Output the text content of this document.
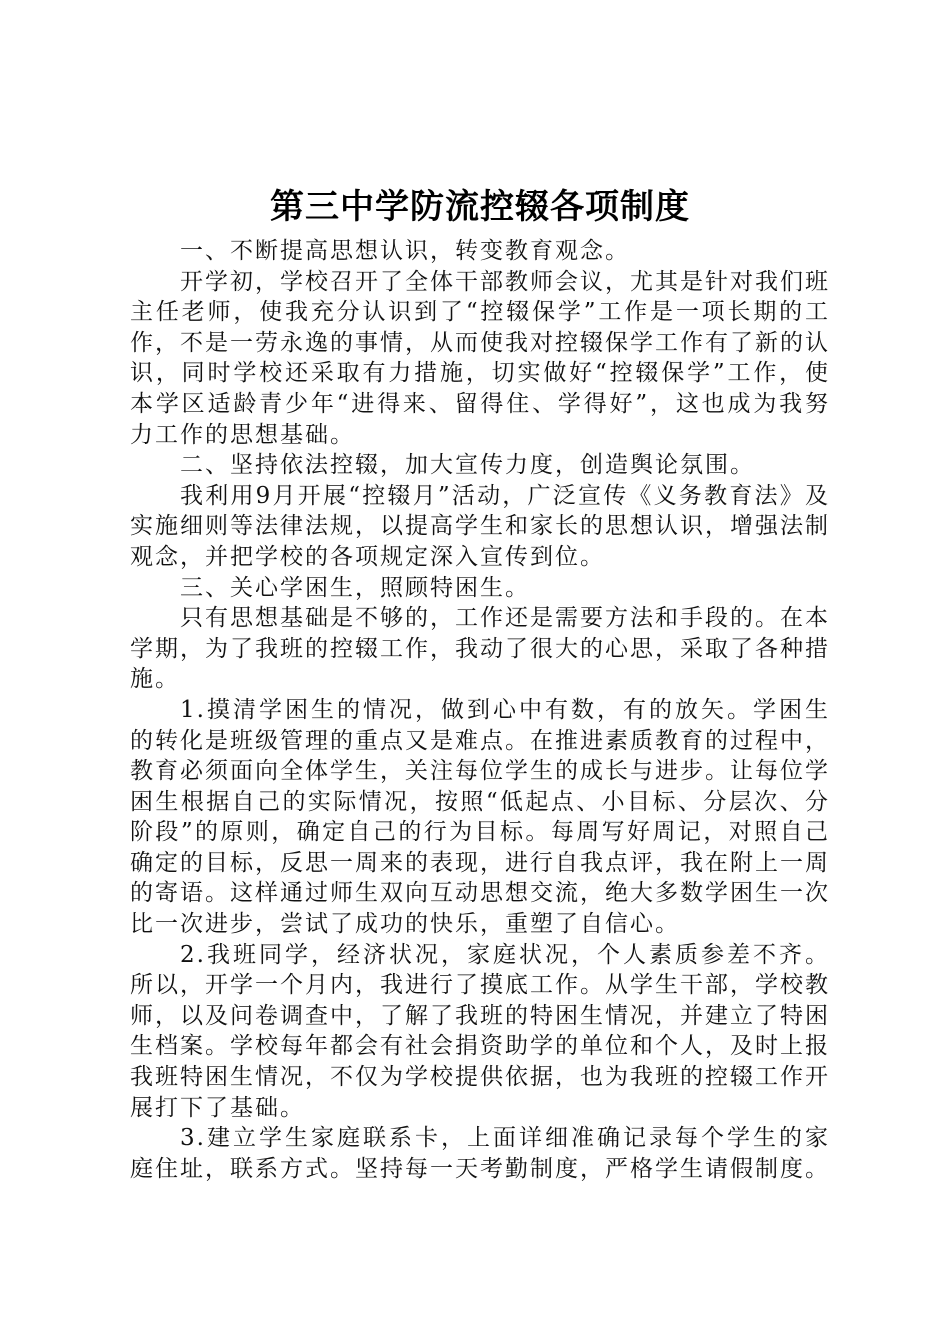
第三中学防流控辍各项制度

一、不断提高思想认识，转变教育观念。

开学初，学校召开了全体干部教师会议，尤其是针对我们班主任老师，使我充分认识到了“控辍保学”工作是一项长期的工作，不是一劳永逸的事情，从而使我对控辍保学工作有了新的认识，同时学校还采取有力措施，切实做好“控辍保学”工作，使本学区适龄青少年“进得来、留得住、学得好”，这也成为我努力工作的思想基础。

二、坚持依法控辍，加大宣传力度，创造舆论氛围。

我利用9月开展“控辍月”活动，广泛宣传《义务教育法》及实施细则等法律法规，以提高学生和家长的思想认识，增强法制观念，并把学校的各项规定深入宣传到位。

三、关心学困生，照顾特困生。

只有思想基础是不够的，工作还是需要方法和手段的。在本学期，为了我班的控辍工作，我动了很大的心思，采取了各种措施。

1.摸清学困生的情况，做到心中有数，有的放矢。学困生的转化是班级管理的重点又是难点。在推进素质教育的过程中，教育必须面向全体学生，关注每位学生的成长与进步。让每位学困生根据自己的实际情况，按照“低起点、小目标、分层次、分阶段”的原则，确定自己的行为目标。每周写好周记，对照自己确定的目标，反思一周来的表现，进行自我点评，我在附上一周的寄语。这样通过师生双向互动思想交流，绝大多数学困生一次比一次进步，尝试了成功的快乐，重塑了自信心。

2.我班同学，经济状况，家庭状况，个人素质参差不齐。所以，开学一个月内，我进行了摸底工作。从学生干部，学校教师，以及问卷调查中，了解了我班的特困生情况，并建立了特困生档案。学校每年都会有社会捐资助学的单位和个人，及时上报我班特困生情况，不仅为学校提供依据，也为我班的控辍工作开展打下了基础。

3.建立学生家庭联系卡，上面详细准确记录每个学生的家庭住址，联系方式。坚持每一天考勤制度，严格学生请假制度。
